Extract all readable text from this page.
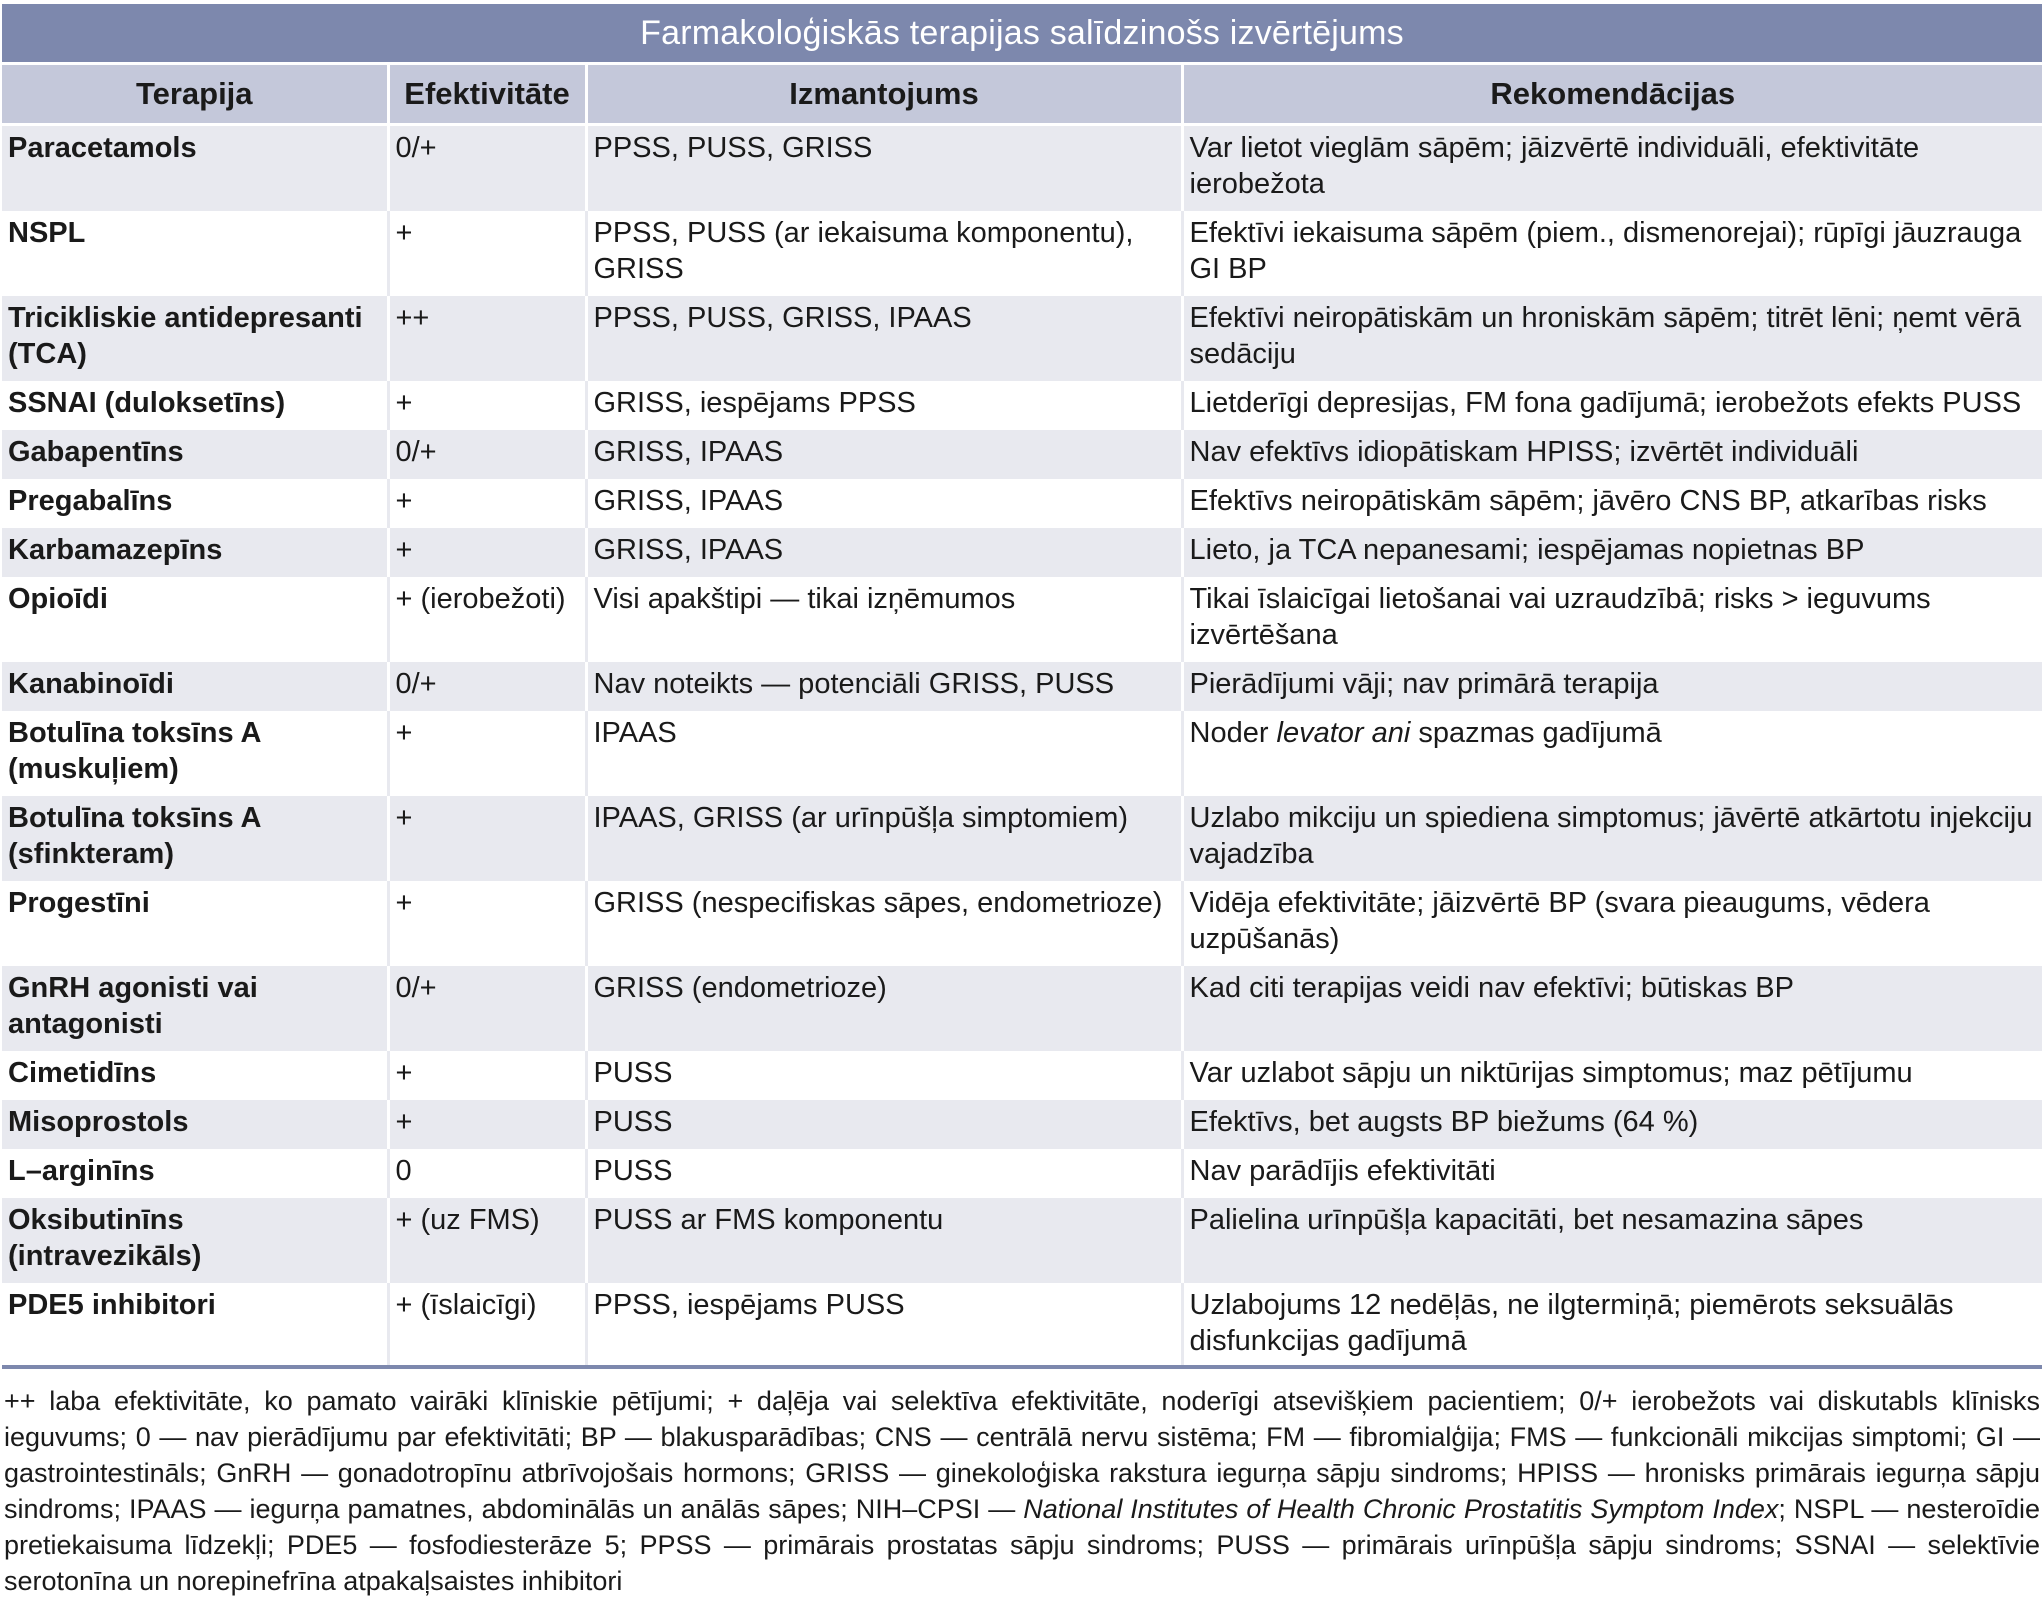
Farmakoloģiskās terapijas salīdzinošs izvērtējums
Terapija	Efektivitāte	Izmantojums	Rekomendācijas
Paracetamols	0/+	PPSS, PUSS, GRISS	Var lietot vieglām sāpēm; jāizvērtē individuāli, efektivitāte ierobežota
NSPL	+	PPSS, PUSS (ar iekaisuma komponentu), GRISS	Efektīvi iekaisuma sāpēm (piem., dismenorejai); rūpīgi jāuzrauga GI BP
Tricikliskie antidepresanti (TCA)	++	PPSS, PUSS, GRISS, IPAAS	Efektīvi neiropātiskām un hroniskām sāpēm; titrēt lēni; ņemt vērā sedāciju
SSNAI (duloksetīns)	+	GRISS, iespējams PPSS	Lietderīgi depresijas, FM fona gadījumā; ierobežots efekts PUSS
Gabapentīns	0/+	GRISS, IPAAS	Nav efektīvs idiopātiskam HPISS; izvērtēt individuāli
Pregabalīns	+	GRISS, IPAAS	Efektīvs neiropātiskām sāpēm; jāvēro CNS BP, atkarības risks
Karbamazepīns	+	GRISS, IPAAS	Lieto, ja TCA nepanesami; iespējamas nopietnas BP
Opioīdi	+ (ierobežoti)	Visi apakštipi — tikai izņēmumos	Tikai īslaicīgai lietošanai vai uzraudzībā; risks > ieguvums izvērtēšana
Kanabinoīdi	0/+	Nav noteikts — potenciāli GRISS, PUSS	Pierādījumi vāji; nav primārā terapija
Botulīna toksīns A (muskuļiem)	+	IPAAS	Noder levator ani spazmas gadījumā
Botulīna toksīns A (sfinkteram)	+	IPAAS, GRISS (ar urīnpūšļa simptomiem)	Uzlabo mikciju un spiediena simptomus; jāvērtē atkārtotu injekciju vajadzība
Progestīni	+	GRISS (nespecifiskas sāpes, endometrioze)	Vidēja efektivitāte; jāizvērtē BP (svara pieaugums, vēdera uzpūšanās)
GnRH agonisti vai antagonisti	0/+	GRISS (endometrioze)	Kad citi terapijas veidi nav efektīvi; būtiskas BP
Cimetidīns	+	PUSS	Var uzlabot sāpju un niktūrijas simptomus; maz pētījumu
Misoprostols	+	PUSS	Efektīvs, bet augsts BP biežums (64 %)
L–arginīns	0	PUSS	Nav parādījis efektivitāti
Oksibutinīns (intravezikāls)	+ (uz FMS)	PUSS ar FMS komponentu	Palielina urīnpūšļa kapacitāti, bet nesamazina sāpes
PDE5 inhibitori	+ (īslaicīgi)	PPSS, iespējams PUSS	Uzlabojums 12 nedēļās, ne ilgtermiņā; piemērots seksuālās disfunkcijas gadījumā

++ laba efektivitāte, ko pamato vairāki klīniskie pētījumi; + daļēja vai selektīva efektivitāte, noderīgi atsevišķiem pacientiem; 0/+ ierobežots vai diskutabls klīnisks ieguvums; 0 — nav pierādījumu par efektivitāti; BP — blakusparādības; CNS — centrālā nervu sistēma; FM — fibromialģija; FMS — funkcionāli mikcijas simptomi; GI — gastrointestināls; GnRH — gonadotropīnu atbrīvojošais hormons; GRISS — ginekoloģiska rakstura iegurņa sāpju sindroms; HPISS — hronisks primārais iegurņa sāpju sindroms; IPAAS — iegurņa pamatnes, abdominālās un anālās sāpes; NIH–CPSI — National Institutes of Health Chronic Prostatitis Symptom Index; NSPL — nesteroīdie pretiekaisuma līdzekļi; PDE5 — fosfodiesterāze 5; PPSS — primārais prostatas sāpju sindroms; PUSS — primārais urīnpūšļa sāpju sindroms; SSNAI — selektīvie serotonīna un norepinefrīna atpakaļsaistes inhibitori
